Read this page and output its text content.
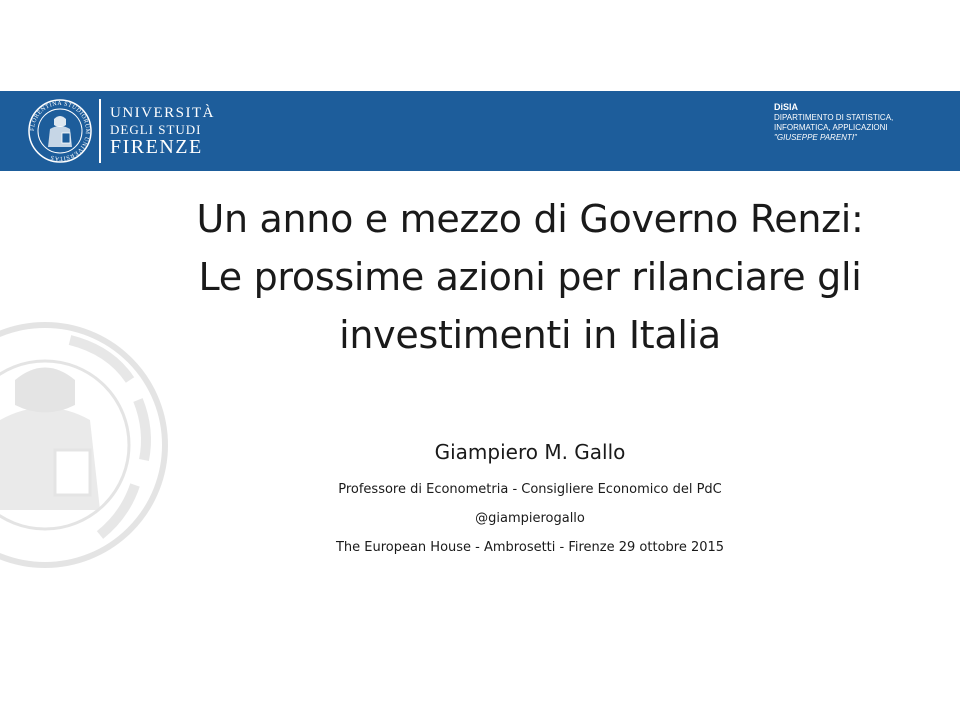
FLORENTINA STUDIORUM UNIVERSITAS
UNIVERSITÀ
DEGLI STUDI
FIRENZE
DiSIA
DIPARTIMENTO DI STATISTICA,
INFORMATICA, APPLICAZIONI
"GIUSEPPE PARENTI"
Un anno e mezzo di Governo Renzi:
Le prossime azioni per rilanciare gli
investimenti in Italia
Giampiero M. Gallo
Professore di Econometria - Consigliere Economico del PdC
@giampierogallo
The European House - Ambrosetti - Firenze 29 ottobre 2015
